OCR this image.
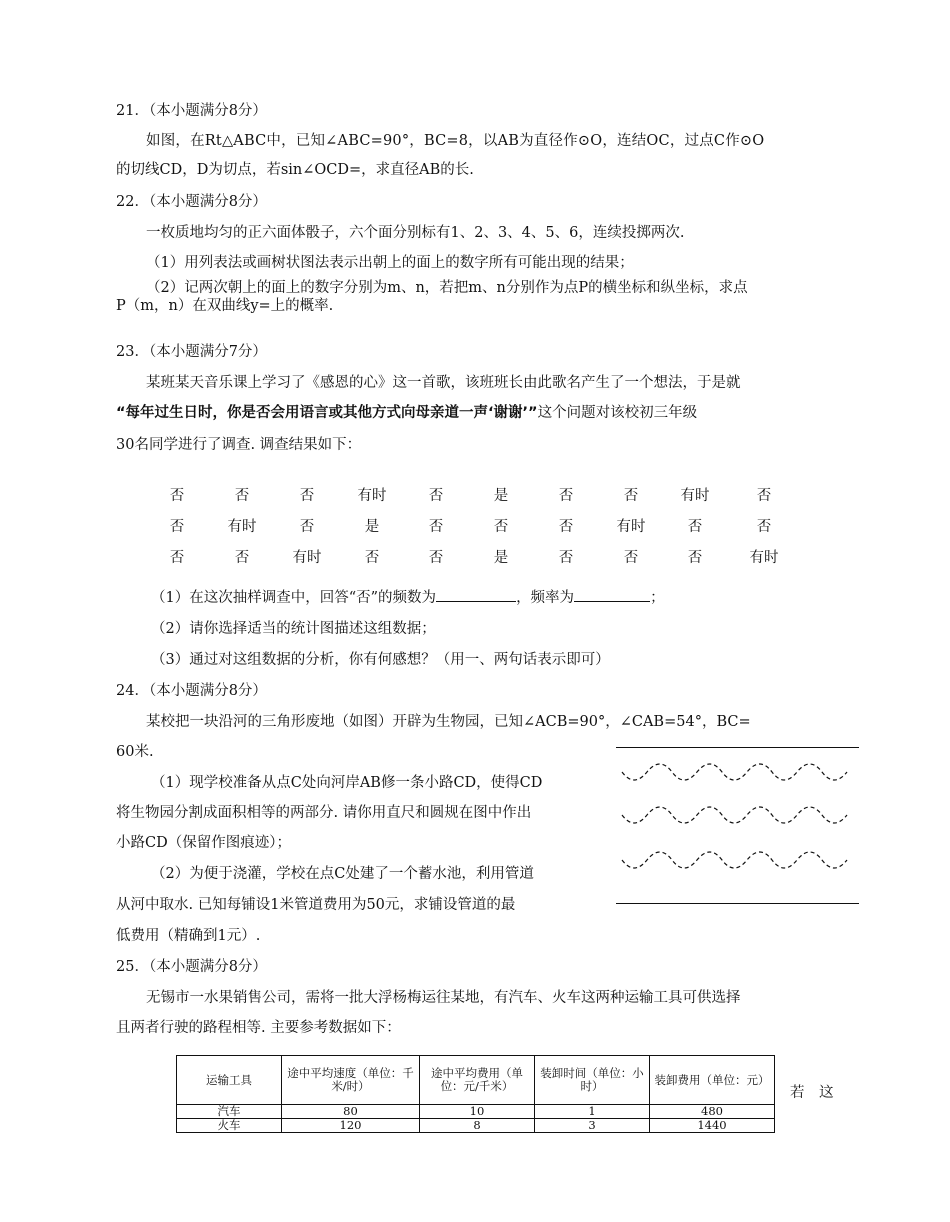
21．（本小题满分8分）
如图，在Rt△ABC中，已知∠ABC=90°，BC=8，以AB为直径作⊙O，连结OC，过点C作⊙O
的切线CD，D为切点，若sin∠OCD=，求直径AB的长.
22．（本小题满分8分）
一枚质地均匀的正六面体骰子，六个面分别标有1、2、3、4、5、6，连续投掷两次.
（1）用列表法或画树状图法表示出朝上的面上的数字所有可能出现的结果；
（2）记两次朝上的面上的数字分别为m、n，若把m、n分别作为点P的横坐标和纵坐标，求点
P（m，n）在双曲线y=上的概率.
23．（本小题满分7分）
某班某天音乐课上学习了《感恩的心》这一首歌，该班班长由此歌名产生了一个想法，于是就
“每年过生日时，你是否会用语言或其他方式向母亲道一声‘谢谢’”这个问题对该校初三年级
30名同学进行了调查. 调查结果如下：
否	否	否	有时	否	是	否	否	有时	否
否	有时	否	是	否	否	否	有时	否	否
否	否	有时	否	否	是	否	否	否	有时
（1）在这次抽样调查中，回答“否”的频数为	，频率为	；
（2）请你选择适当的统计图描述这组数据；
（3）通过对这组数据的分析，你有何感想？（用一、两句话表示即可）
24．（本小题满分8分）
某校把一块沿河的三角形废地（如图）开辟为生物园，已知∠ACB=90°，∠CAB=54°，BC=
60米.
（1）现学校准备从点C处向河岸AB修一条小路CD，使得CD
将生物园分割成面积相等的两部分. 请你用直尺和圆规在图中作出
小路CD（保留作图痕迹）；
（2）为便于浇灌，学校在点C处建了一个蓄水池，利用管道
从河中取水. 已知每铺设1米管道费用为50元，求铺设管道的最
低费用（精确到1元）.
25．（本小题满分8分）
无锡市一水果销售公司，需将一批大浮杨梅运往某地，有汽车、火车这两种运输工具可供选择
且两者行驶的路程相等. 主要参考数据如下：
运输工具	途中平均速度（单位：千米/时）	途中平均费用（单位：元/千米）	装卸时间（单位：小时）	装卸费用（单位：元）
汽车	80	10	1	480
火车	120	8	3	1440
若　这
